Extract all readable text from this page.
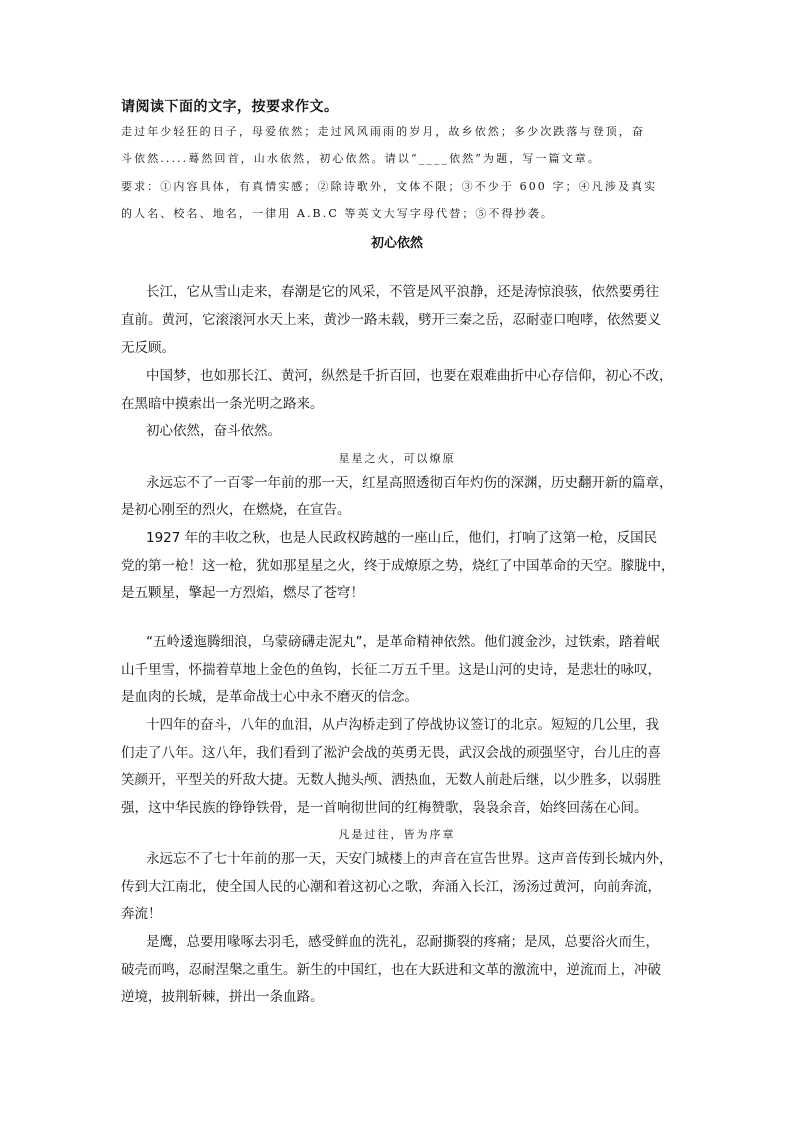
请阅读下面的文字，按要求作文。
走过年少轻狂的日子，母爱依然；走过风风雨雨的岁月，故乡依然；多少次跌落与登顶，奋
斗依然.....蓦然回首，山水依然，初心依然。请以“____依然”为题，写一篇文章。
要求：①内容具体，有真情实感；②除诗歌外，文体不限；③不少于 600 字；④凡涉及真实
的人名、校名、地名，一律用 A.B.C 等英文大写字母代替；⑤不得抄袭。
初心依然
长江，它从雪山走来，春潮是它的风采，不管是风平浪静，还是涛惊浪骇，依然要勇往
直前。黄河，它滚滚河水天上来，黄沙一路未载，劈开三秦之岳，忍耐壶口咆哮，依然要义
无反顾。
中国梦，也如那长江、黄河，纵然是千折百回，也要在艰难曲折中心存信仰，初心不改，
在黑暗中摸索出一条光明之路来。
初心依然，奋斗依然。
星星之火，可以燎原
永远忘不了一百零一年前的那一天，红星高照透彻百年灼伤的深渊，历史翻开新的篇章，
是初心刚至的烈火，在燃烧，在宣告。
1927 年的丰收之秋，也是人民政权跨越的一座山丘，他们，打响了这第一枪，反国民
党的第一枪！这一枪，犹如那星星之火，终于成燎原之势，烧红了中国革命的天空。朦胧中，
是五颗星，擎起一方烈焰，燃尽了苍穹！
“五岭逶迤腾细浪，乌蒙磅礴走泥丸”，是革命精神依然。他们渡金沙，过铁索，踏着岷
山千里雪，怀揣着草地上金色的鱼钩，长征二万五千里。这是山河的史诗，是悲壮的咏叹，
是血肉的长城，是革命战士心中永不磨灭的信念。
十四年的奋斗，八年的血泪，从卢沟桥走到了停战协议签订的北京。短短的几公里，我
们走了八年。这八年，我们看到了淞沪会战的英勇无畏，武汉会战的顽强坚守，台儿庄的喜
笑颜开，平型关的歼敌大捷。无数人抛头颅、洒热血，无数人前赴后继，以少胜多，以弱胜
强，这中华民族的铮铮铁骨，是一首响彻世间的红梅赞歌，袅袅余音，始终回荡在心间。
凡是过往，皆为序章
永远忘不了七十年前的那一天，天安门城楼上的声音在宣告世界。这声音传到长城内外，
传到大江南北，使全国人民的心潮和着这初心之歌，奔涌入长江，汤汤过黄河，向前奔流，
奔流！
是鹰，总要用喙啄去羽毛，感受鲜血的洗礼，忍耐撕裂的疼痛；是凤，总要浴火而生，
破壳而鸣，忍耐涅槃之重生。新生的中国红，也在大跃进和文革的激流中，逆流而上，冲破
逆境，披荆斩棘，拼出一条血路。
